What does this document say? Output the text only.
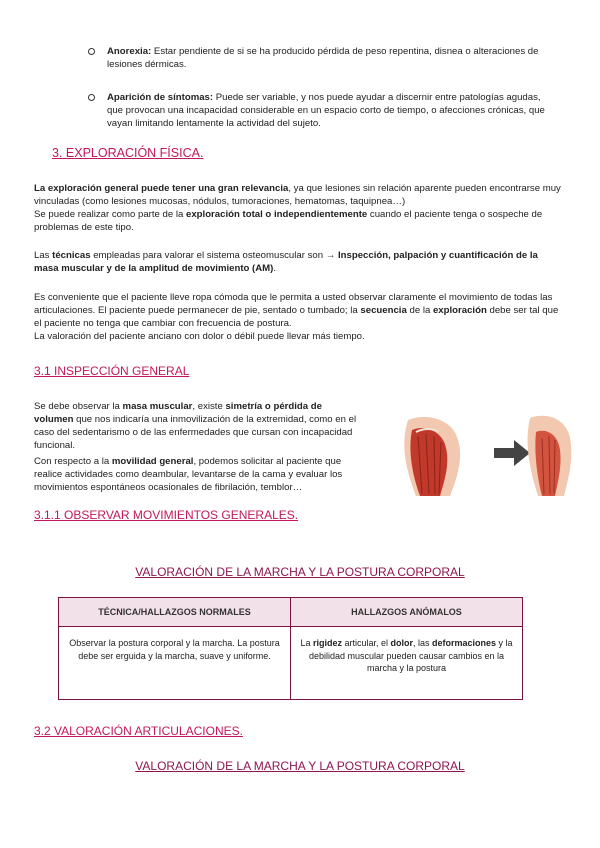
Anorexia: Estar pendiente de si se ha producido pérdida de peso repentina, disnea o alteraciones de lesiones dérmicas.
Aparición de síntomas: Puede ser variable, y nos puede ayudar a discernir entre patologías agudas, que provocan una incapacidad considerable en un espacio corto de tiempo, o afecciones crónicas, que vayan limitando lentamente la actividad del sujeto.
3. EXPLORACIÓN FÍSICA.
La exploración general puede tener una gran relevancia, ya que lesiones sin relación aparente pueden encontrarse muy vinculadas (como lesiones mucosas, nódulos, tumoraciones, hematomas, taquipnea…)
Se puede realizar como parte de la exploración total o independientemente cuando el paciente tenga o sospeche de problemas de este tipo.
Las técnicas empleadas para valorar el sistema osteomuscular son → Inspección, palpación y cuantificación de la masa muscular y de la amplitud de movimiento (AM).
Es conveniente que el paciente lleve ropa cómoda que le permita a usted observar claramente el movimiento de todas las articulaciones. El paciente puede permanecer de pie, sentado o tumbado; la secuencia de la exploración debe ser tal que el paciente no tenga que cambiar con frecuencia de postura.
La valoración del paciente anciano con dolor o débil puede llevar más tiempo.
3.1 INSPECCIÓN GENERAL
Se debe observar la masa muscular, existe simetría o pérdida de volumen que nos indicaría una inmovilización de la extremidad, como en el caso del sedentarismo o de las enfermedades que cursan con incapacidad funcional.
Con respecto a la movilidad general, podemos solicitar al paciente que realice actividades como deambular, levantarse de la cama y evaluar los movimientos espontáneos ocasionales de fibrilación, temblor…
3.1.1 OBSERVAR MOVIMIENTOS GENERALES.
VALORACIÓN DE LA MARCHA Y LA POSTURA CORPORAL
TÉCNICA/HALLAZGOS NORMALES	HALLAZGOS ANÓMALOS
Observar la postura corporal y la marcha. La postura debe ser erguida y la marcha, suave y uniforme.	La rigidez articular, el dolor, las deformaciones y la debilidad muscular pueden causar cambios en la marcha y la postura
3.2 VALORACIÓN ARTICULACIONES.
VALORACIÓN DE LA MARCHA Y LA POSTURA CORPORAL
